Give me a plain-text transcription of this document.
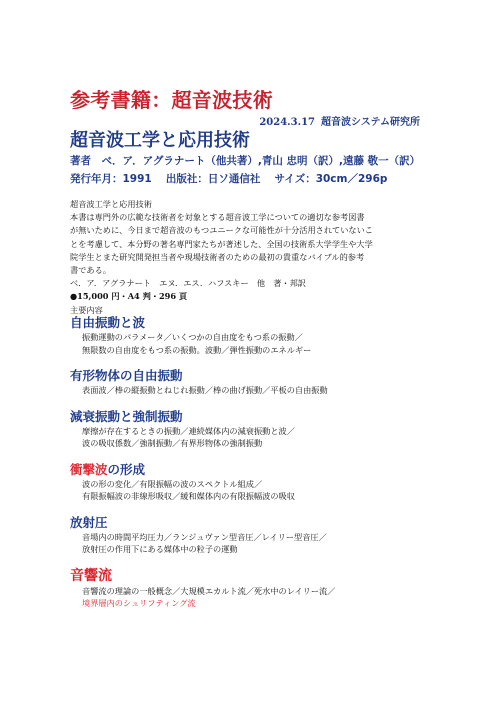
参考書籍：超音波技術
2024.3.17 超音波システム研究所
超音波工学と応用技術
著者　ベ．ア．アグラナート（他共著）,青山 忠明（訳）,遠藤 敬一（訳）
発行年月：1991　 出版社：日ソ通信社　 サイズ：30cm／296p
超音波工学と応用技術
本書は専門外の広範な技術者を対象とする超音波工学についての適切な参考図書
が無いために、今日まで超音波のもつユニークな可能性が十分活用されていないこ
とを考慮して、本分野の著名専門家たちが著述した、全国の技術系大学学生や大学
院学生とまた研究開発担当者や現場技術者のための最初の貴重なバイブル的参考
書である。
ベ．ア．アグラナート　エヌ．エス．ハフスキー　他　著・邦訳
●15,000 円・A4 判・296 頁
主要内容
自由振動と波
振動運動のパラメータ／いくつかの自由度をもつ系の振動／
無限数の自由度をもつ系の振動。波動／弾性振動のエネルギー
有形物体の自由振動
表面波／棒の縦振動とねじれ振動／棒の曲げ振動／平板の自由振動
減衰振動と強制振動
摩擦が存在するときの振動／連続媒体内の減衰振動と波／
波の吸収係数／強制振動／有界形物体の強制振動
衝撃波の形成
波の形の変化／有限振幅の波のスペクトル組成／
有限振幅波の非線形吸収／緩和媒体内の有限振幅波の吸収
放射圧
音場内の時間平均圧力／ランジュヴァン型音圧／レイリー型音圧／
放射圧の作用下にある媒体中の粒子の運動
音響流
音響流の理論の一般概念／大規模エカルト流／死水中のレイリー流／
境界層内のシュリフティング流
